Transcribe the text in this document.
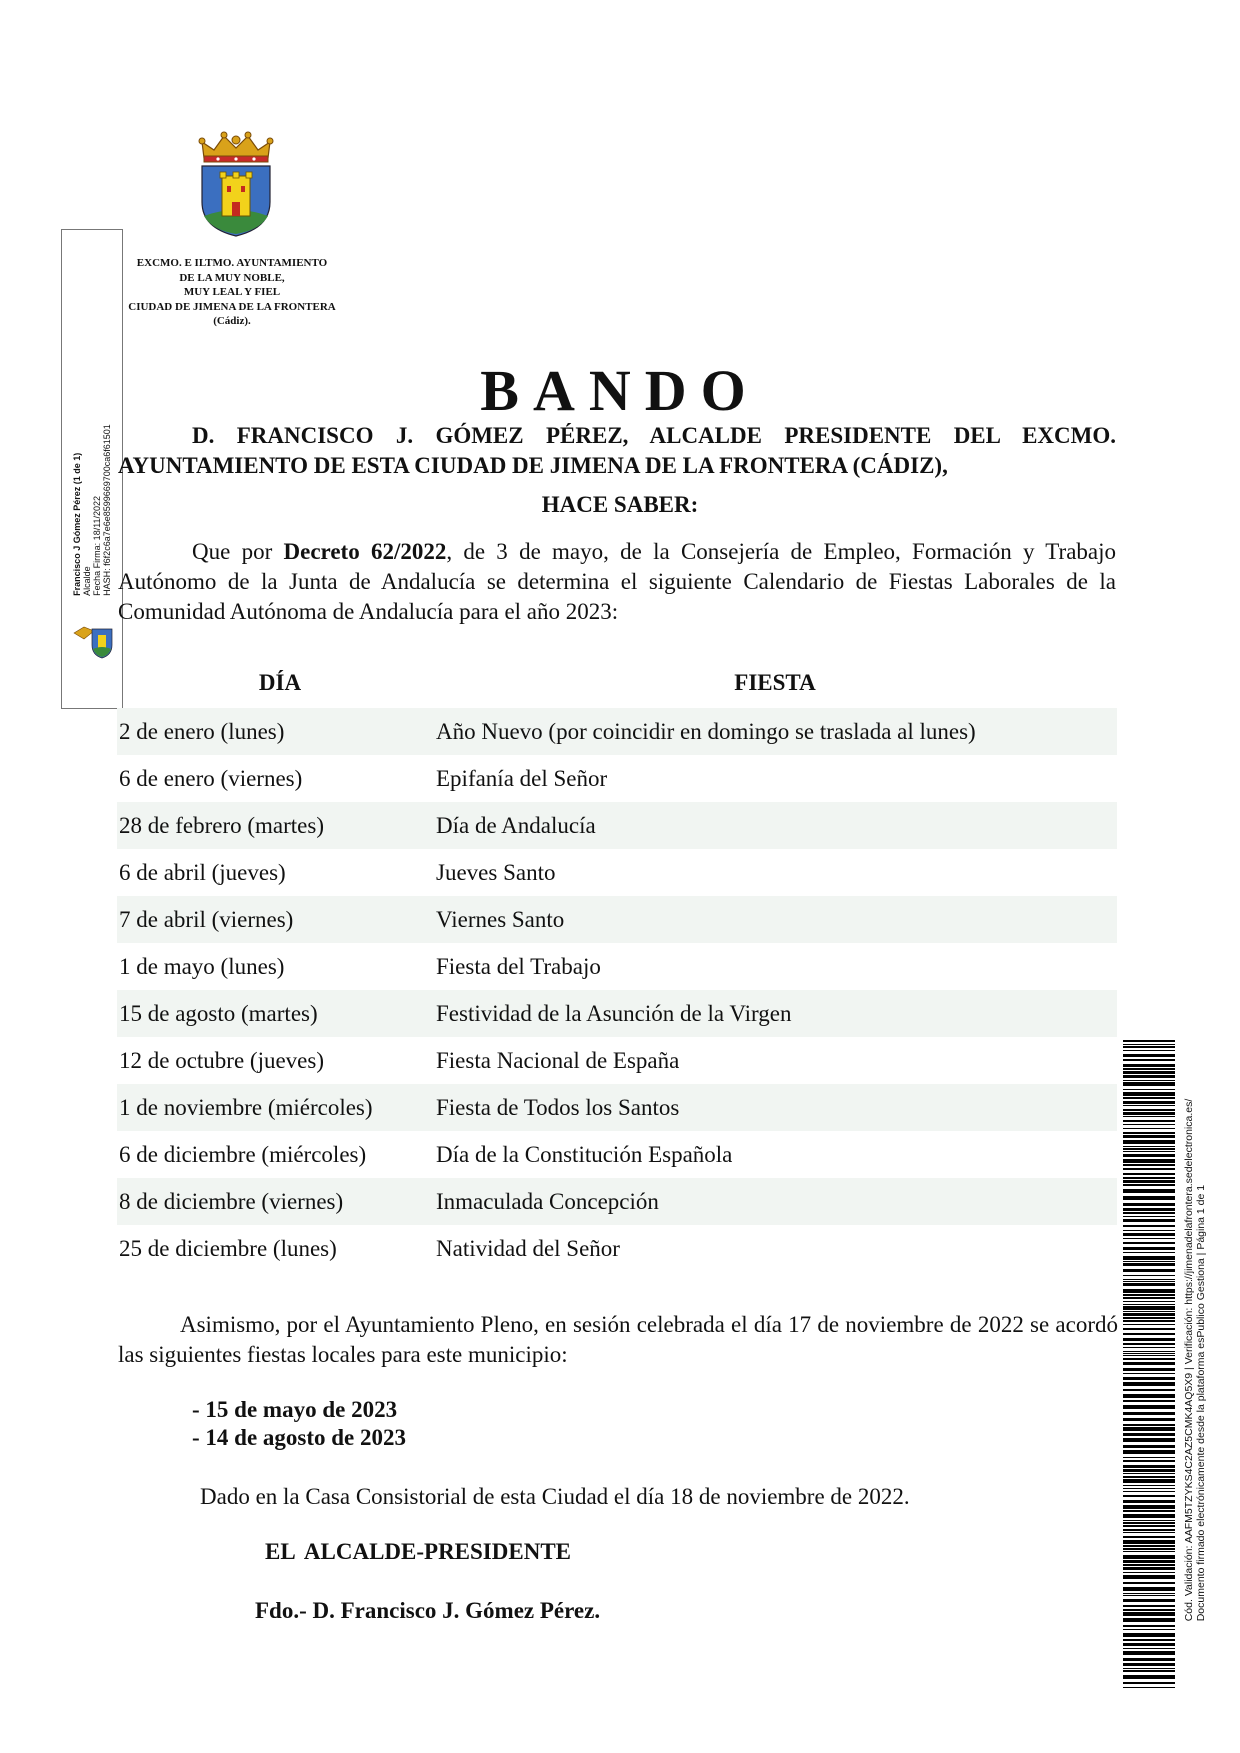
EXCMO. E ILTMO. AYUNTAMIENTO
DE LA MUY NOBLE,
MUY LEAL Y FIEL
CIUDAD DE JIMENA DE LA FRONTERA
(Cádiz).
Francisco J Gómez Pérez (1 de 1) Alcalde Fecha Firma: 18/11/2022 HASH: f6f2c6a7e6e8599669700ca6f61501
BANDO
D. FRANCISCO J. GÓMEZ PÉREZ, ALCALDE PRESIDENTE DEL EXCMO. AYUNTAMIENTO DE ESTA CIUDAD DE JIMENA DE LA FRONTERA (CÁDIZ),
HACE SABER:
Que por Decreto 62/2022, de 3 de mayo, de la Consejería de Empleo, Formación y Trabajo Autónomo de la Junta de Andalucía se determina el siguiente Calendario de Fiestas Laborales de la Comunidad Autónoma de Andalucía para el año 2023:
DÍA	FIESTA
2 de enero (lunes)	Año Nuevo (por coincidir en domingo se traslada al lunes)
6 de enero (viernes)	Epifanía del Señor
28 de febrero (martes)	Día de Andalucía
6 de abril (jueves)	Jueves Santo
7 de abril (viernes)	Viernes Santo
1 de mayo (lunes)	Fiesta del Trabajo
15 de agosto (martes)	Festividad de la Asunción de la Virgen
12 de octubre (jueves)	Fiesta Nacional de España
1 de noviembre (miércoles)	Fiesta de Todos los Santos
6 de diciembre (miércoles)	Día de la Constitución Española
8 de diciembre (viernes)	Inmaculada Concepción
25 de diciembre (lunes)	Natividad del Señor
Asimismo, por el Ayuntamiento Pleno, en sesión celebrada el día 17 de noviembre de 2022 se acordó las siguientes fiestas locales para este municipio:
- 15 de mayo de 2023
- 14 de agosto de 2023
Dado en la Casa Consistorial de esta Ciudad el día 18 de noviembre de 2022.
EL ALCALDE-PRESIDENTE
Fdo.- D. Francisco J. Gómez Pérez.	Cód. Validación: AAFM5TZYKS4C2AZ5CMK4AQ5X9 | Verificación: https://jimenadelafrontera.sedelectronica.es/ Documento firmado electrónicamente desde la plataforma esPublico Gestiona | Página 1 de 1
